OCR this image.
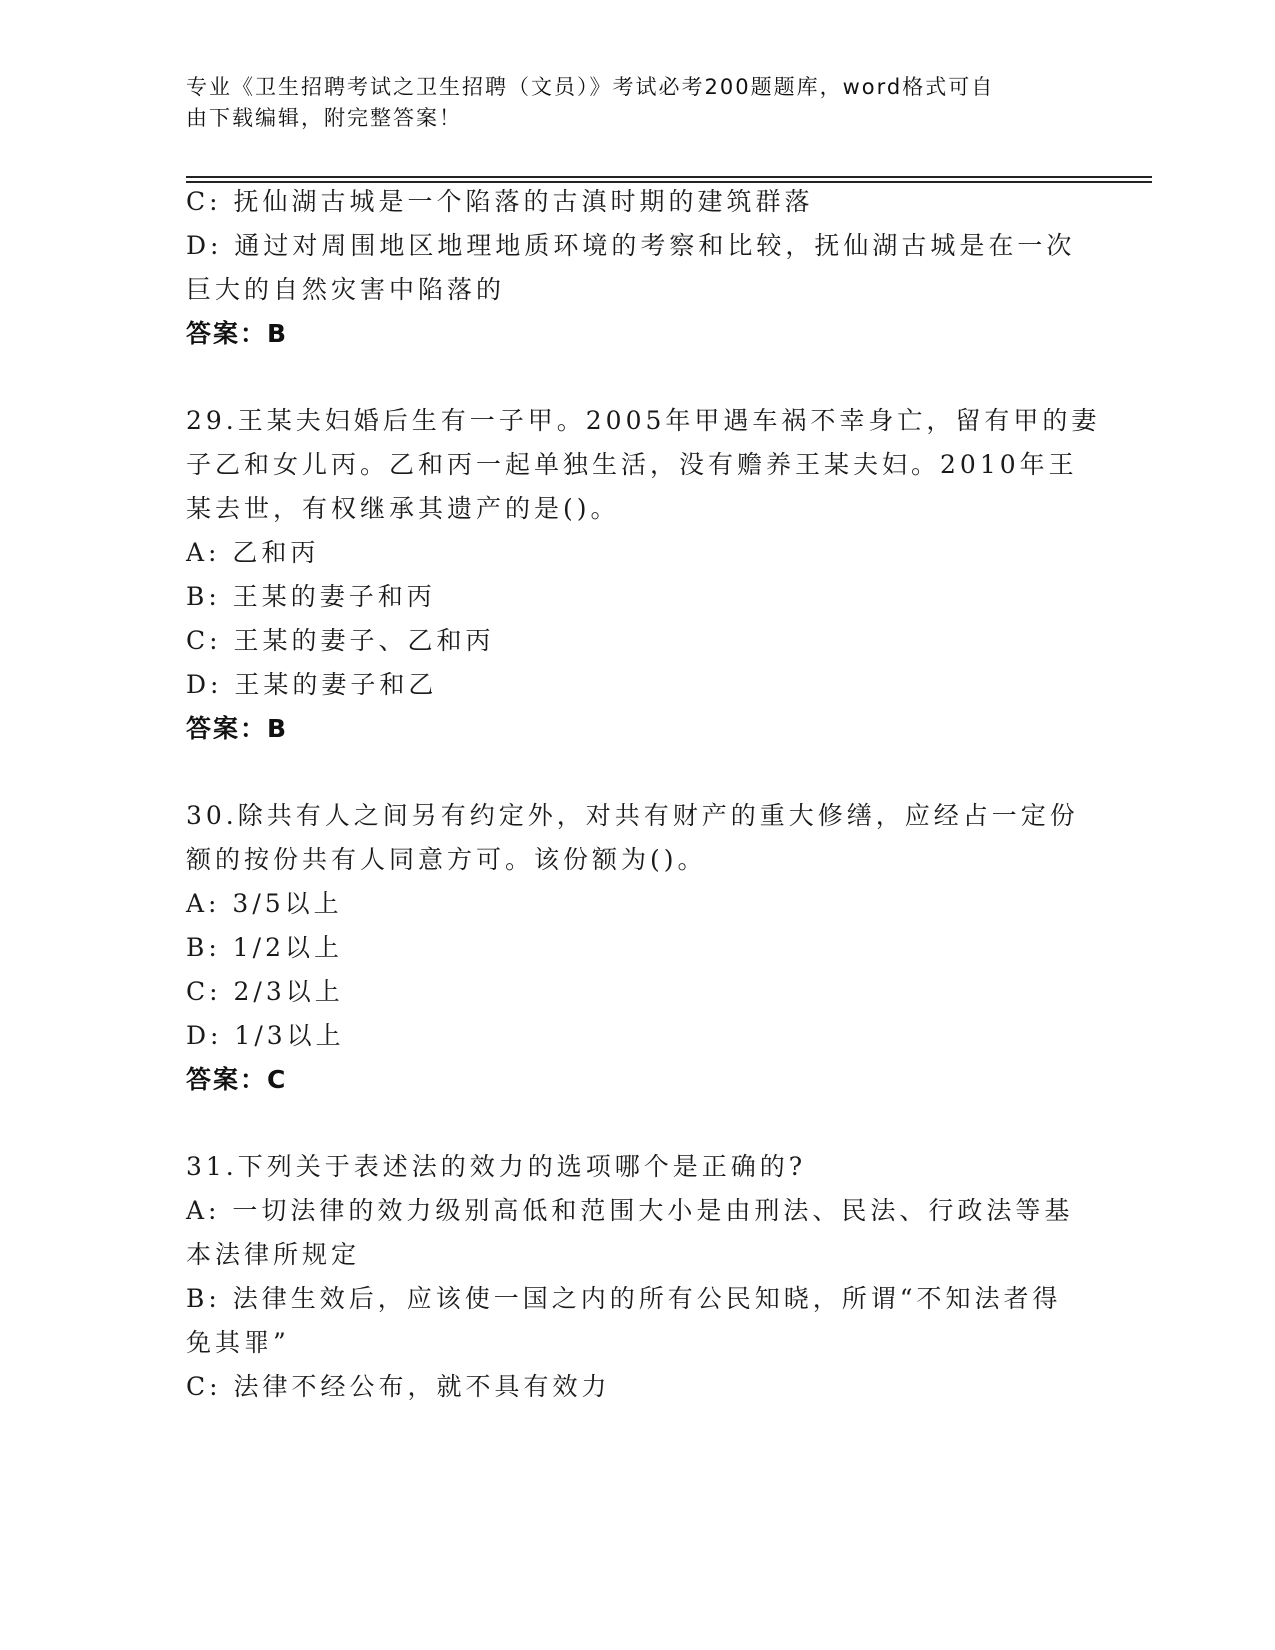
专业《卫生招聘考试之卫生招聘（文员）》考试必考200题题库，word格式可自
由下载编辑，附完整答案！
C: 抚仙湖古城是一个陷落的古滇时期的建筑群落
D: 通过对周围地区地理地质环境的考察和比较，抚仙湖古城是在一次
巨大的自然灾害中陷落的
答案：B
29.王某夫妇婚后生有一子甲。2005年甲遇车祸不幸身亡，留有甲的妻
子乙和女儿丙。乙和丙一起单独生活，没有赡养王某夫妇。2010年王
某去世，有权继承其遗产的是()。
A: 乙和丙
B: 王某的妻子和丙
C: 王某的妻子、乙和丙
D: 王某的妻子和乙
答案：B
30.除共有人之间另有约定外，对共有财产的重大修缮，应经占一定份
额的按份共有人同意方可。该份额为()。
A: 3/5以上
B: 1/2以上
C: 2/3以上
D: 1/3以上
答案：C
31.下列关于表述法的效力的选项哪个是正确的?
A: 一切法律的效力级别高低和范围大小是由刑法、民法、行政法等基
本法律所规定
B: 法律生效后，应该使一国之内的所有公民知晓，所谓“不知法者得
免其罪”
C: 法律不经公布，就不具有效力
